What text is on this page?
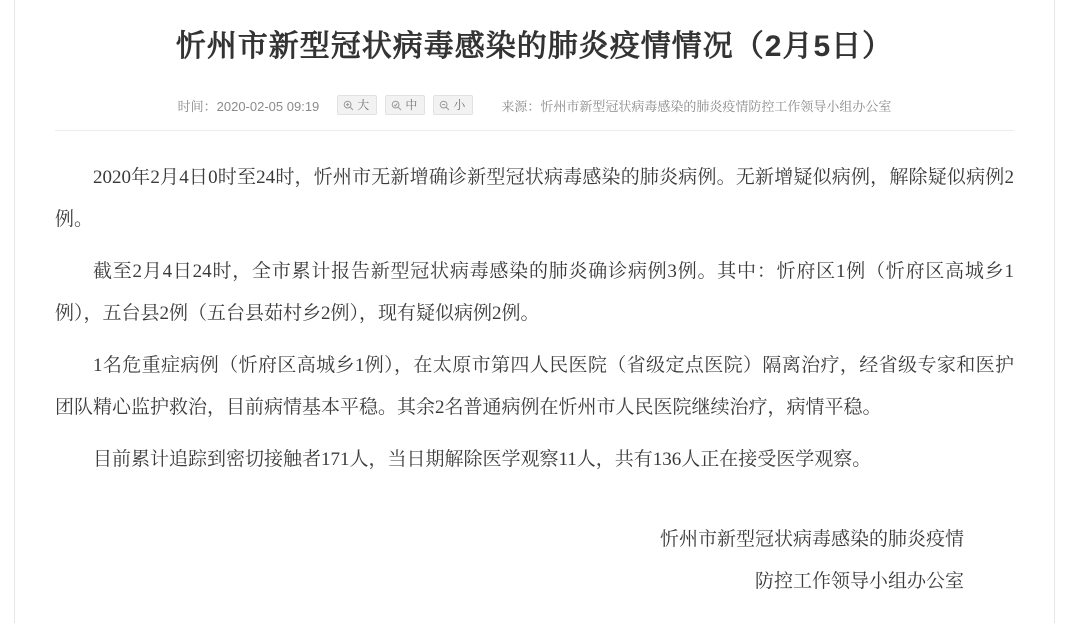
忻州市新型冠状病毒感染的肺炎疫情情况（2月5日）
时间：2020-02-05 09:19	大	中	小	来源：忻州市新型冠状病毒感染的肺炎疫情防控工作领导小组办公室

2020年2月4日0时至24时，忻州市无新增确诊新型冠状病毒感染的肺炎病例。无新增疑似病例，解除疑似病例2例。

截至2月4日24时，全市累计报告新型冠状病毒感染的肺炎确诊病例3例。其中：忻府区1例（忻府区高城乡1例），五台县2例（五台县茹村乡2例），现有疑似病例2例。

1名危重症病例（忻府区高城乡1例），在太原市第四人民医院（省级定点医院）隔离治疗，经省级专家和医护团队精心监护救治，目前病情基本平稳。其余2名普通病例在忻州市人民医院继续治疗，病情平稳。

目前累计追踪到密切接触者171人，当日期解除医学观察11人，共有136人正在接受医学观察。

忻州市新型冠状病毒感染的肺炎疫情
防控工作领导小组办公室
